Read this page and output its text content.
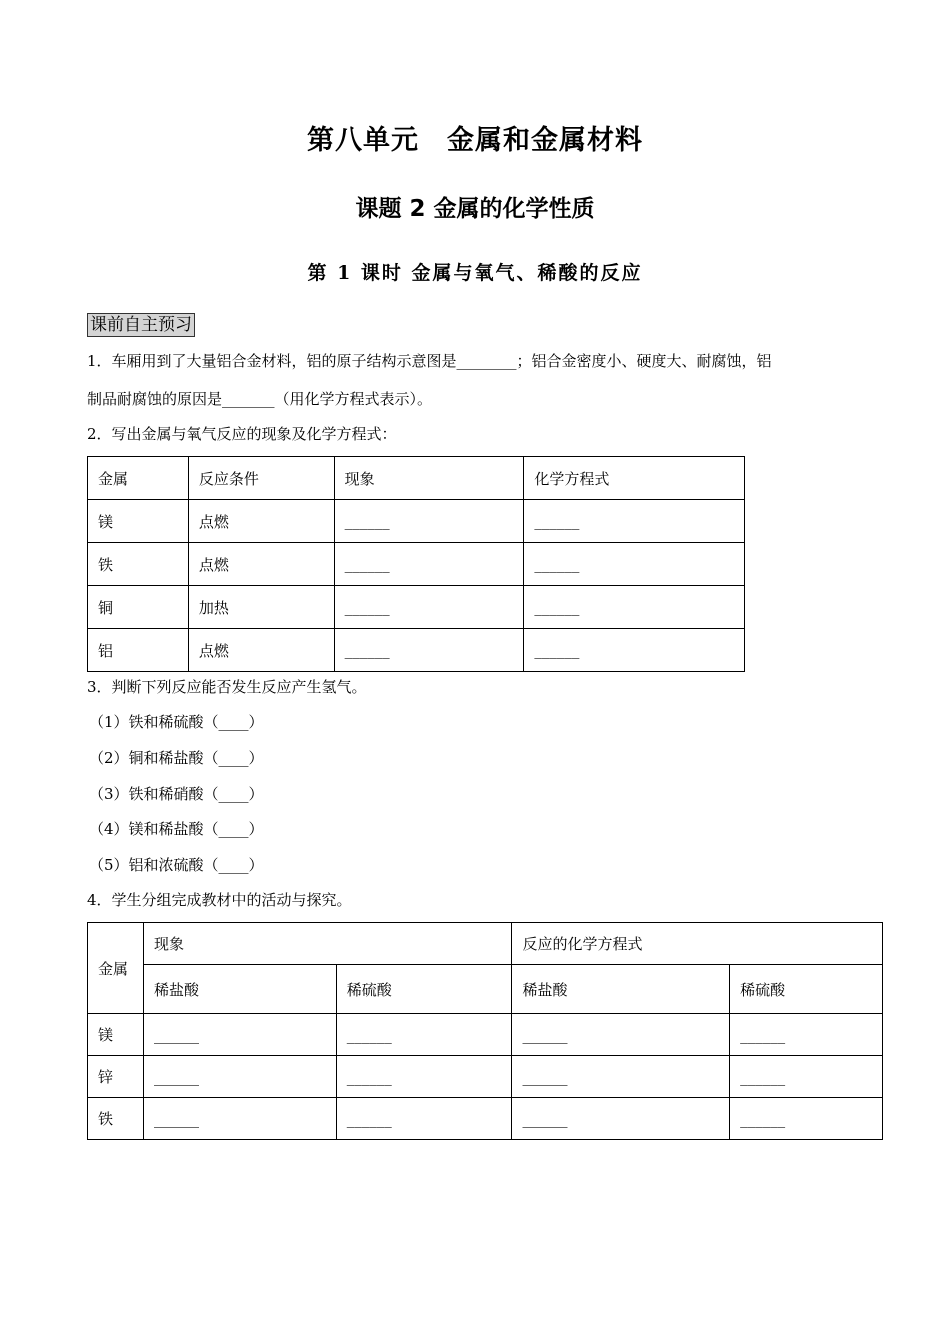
第八单元　金属和金属材料
课题 2 金属的化学性质
第 1 课时 金属与氧气、稀酸的反应
课前自主预习
1．车厢用到了大量铝合金材料，铝的原子结构示意图是________；铝合金密度小、硬度大、耐腐蚀，铝
制品耐腐蚀的原因是_______（用化学方程式表示）。
2．写出金属与氧气反应的现象及化学方程式：
金属	反应条件	现象	化学方程式
镁	点燃	______	______
铁	点燃	______	______
铜	加热	______	______
铝	点燃	______	______
3．判断下列反应能否发生反应产生氢气。
（1）铁和稀硫酸（____）
（2）铜和稀盐酸（____）
（3）铁和稀硝酸（____）
（4）镁和稀盐酸（____）
（5）铝和浓硫酸（____）
4．学生分组完成教材中的活动与探究。
金属	现象		反应的化学方程式	
	稀盐酸	稀硫酸	稀盐酸	稀硫酸
镁	______	______	______	______
锌	______	______	______	______
铁	______	______	______	______
